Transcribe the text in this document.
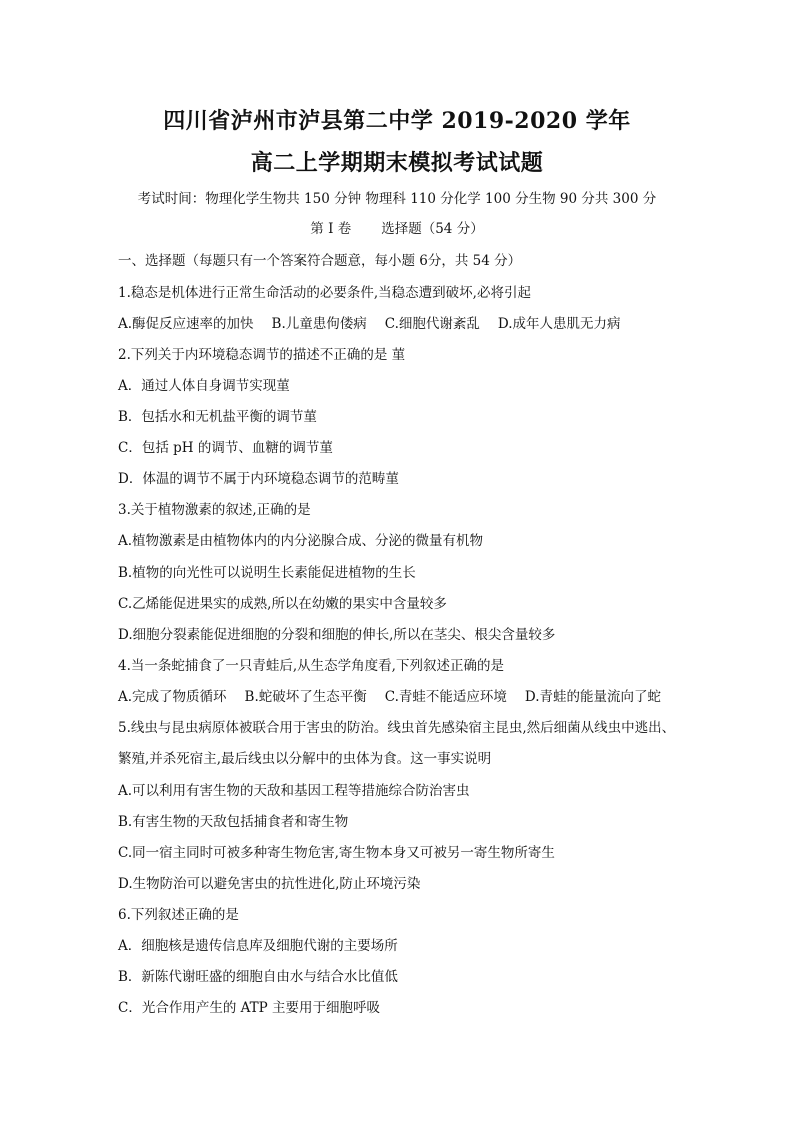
四川省泸州市泸县第二中学 2019-2020 学年
高二上学期期末模拟考试试题

考试时间：物理化学生物共 150 分钟 物理科 110 分化学 100 分生物 90 分共 300 分

第 I 卷 选择题（54 分）

一、选择题（每题只有一个答案符合题意，每小题 6分，共 54 分）

1.稳态是机体进行正常生命活动的必要条件,当稳态遭到破坏,必将引起

A.酶促反应速率的加快 B.儿童患佝偻病 C.细胞代谢紊乱 D.成年人患肌无力病

2.下列关于内环境稳态调节的描述不正确的是 菫

A．通过人体自身调节实现菫

B．包括水和无机盐平衡的调节菫

C．包括 pH 的调节、血糖的调节菫

D．体温的调节不属于内环境稳态调节的范畴菫

3.关于植物激素的叙述,正确的是

A.植物激素是由植物体内的内分泌腺合成、分泌的微量有机物

B.植物的向光性可以说明生长素能促进植物的生长

C.乙烯能促进果实的成熟,所以在幼嫩的果实中含量较多

D.细胞分裂素能促进细胞的分裂和细胞的伸长,所以在茎尖、根尖含量较多

4.当一条蛇捕食了一只青蛙后,从生态学角度看,下列叙述正确的是

A.完成了物质循环 B.蛇破坏了生态平衡 C.青蛙不能适应环境 D.青蛙的能量流向了蛇

5.线虫与昆虫病原体被联合用于害虫的防治。线虫首先感染宿主昆虫,然后细菌从线虫中逃出、

繁殖,并杀死宿主,最后线虫以分解中的虫体为食。这一事实说明

A.可以利用有害生物的天敌和基因工程等措施综合防治害虫

B.有害生物的天敌包括捕食者和寄生物

C.同一宿主同时可被多种寄生物危害,寄生物本身又可被另一寄生物所寄生

D.生物防治可以避免害虫的抗性进化,防止环境污染

6.下列叙述正确的是

A．细胞核是遗传信息库及细胞代谢的主要场所

B．新陈代谢旺盛的细胞自由水与结合水比值低

C．光合作用产生的 ATP 主要用于细胞呼吸
